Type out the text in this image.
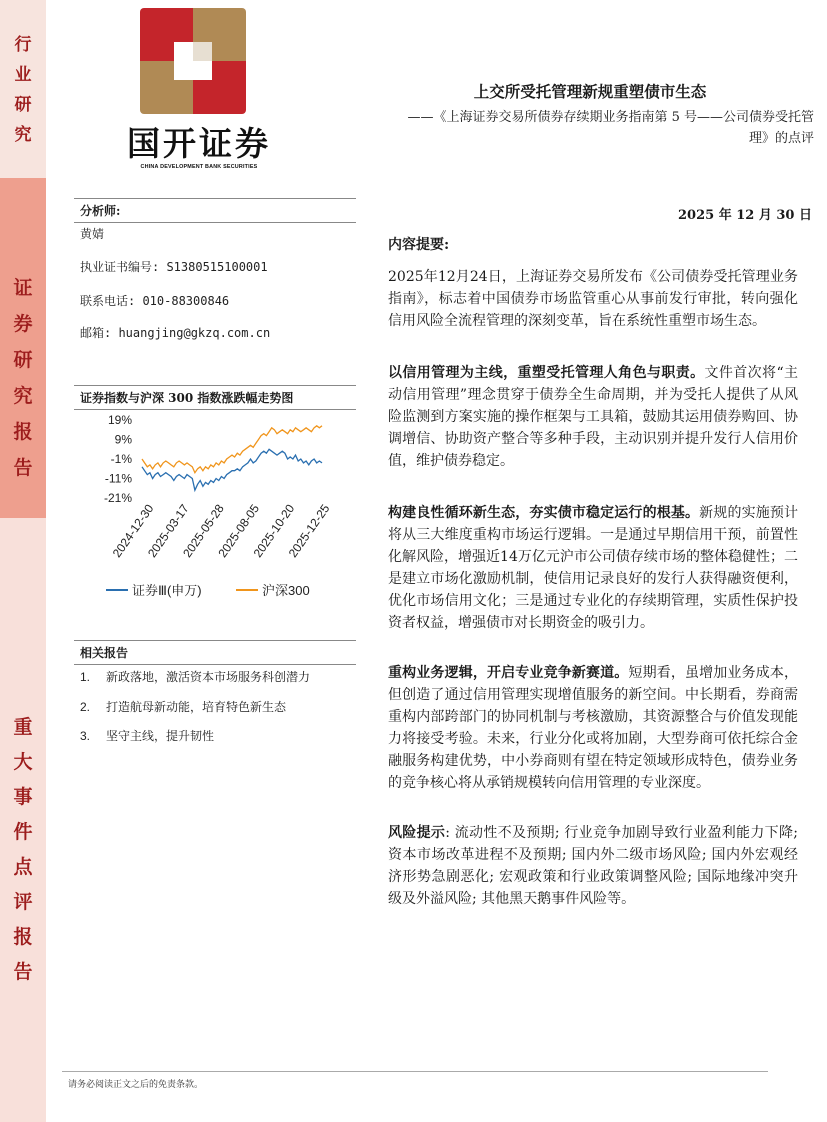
行
业
研
究
证
券
研
究
报
告
重
大
事
件
点
评
报
告
国开证券
CHINA DEVELOPMENT BANK SECURITIES
上交所受托管理新规重塑债市生态
——《上海证券交易所债券存续期业务指南第 5 号——公司债券受托管理》的点评
分析师:
黄婧
执业证书编号: S1380515100001
联系电话: 010-88300846
邮箱: huangjing@gkzq.com.cn
证券指数与沪深 300 指数涨跌幅走势图
19%
9%
-1%
-11%
-21%
2024-12-30
2025-03-17
2025-05-28
2025-08-05
2025-10-20
2025-12-25
证券Ⅲ(申万)	沪深300
相关报告
1. 新政落地，激活资本市场服务科创潜力
2. 打造航母新动能，培育特色新生态
3. 坚守主线，提升韧性
2025 年 12 月 30 日
内容提要:
2025年12月24日，上海证券交易所发布《公司债券受托管理业务指南》，标志着中国债券市场监管重心从事前发行审批，转向强化信用风险全流程管理的深刻变革，旨在系统性重塑市场生态。
以信用管理为主线，重塑受托管理人角色与职责。文件首次将“主动信用管理”理念贯穿于债券全生命周期，并为受托人提供了从风险监测到方案实施的操作框架与工具箱，鼓励其运用债券购回、协调增信、协助资产整合等多种手段，主动识别并提升发行人信用价值，维护债券稳定。
构建良性循环新生态，夯实债市稳定运行的根基。新规的实施预计将从三大维度重构市场运行逻辑。一是通过早期信用干预，前置性化解风险，增强近14万亿元沪市公司债存续市场的整体稳健性；二是建立市场化激励机制，使信用记录良好的发行人获得融资便利，优化市场信用文化；三是通过专业化的存续期管理，实质性保护投资者权益，增强债市对长期资金的吸引力。
重构业务逻辑，开启专业竞争新赛道。短期看，虽增加业务成本，但创造了通过信用管理实现增值服务的新空间。中长期看，券商需重构内部跨部门的协同机制与考核激励，其资源整合与价值发现能力将接受考验。未来，行业分化或将加剧，大型券商可依托综合金融服务构建优势，中小券商则有望在特定领域形成特色，债券业务的竞争核心将从承销规模转向信用管理的专业深度。
风险提示: 流动性不及预期; 行业竞争加剧导致行业盈利能力下降; 资本市场改革进程不及预期; 国内外二级市场风险; 国内外宏观经济形势急剧恶化; 宏观政策和行业政策调整风险; 国际地缘冲突升级及外溢风险; 其他黑天鹅事件风险等。
请务必阅读正文之后的免责条款。
